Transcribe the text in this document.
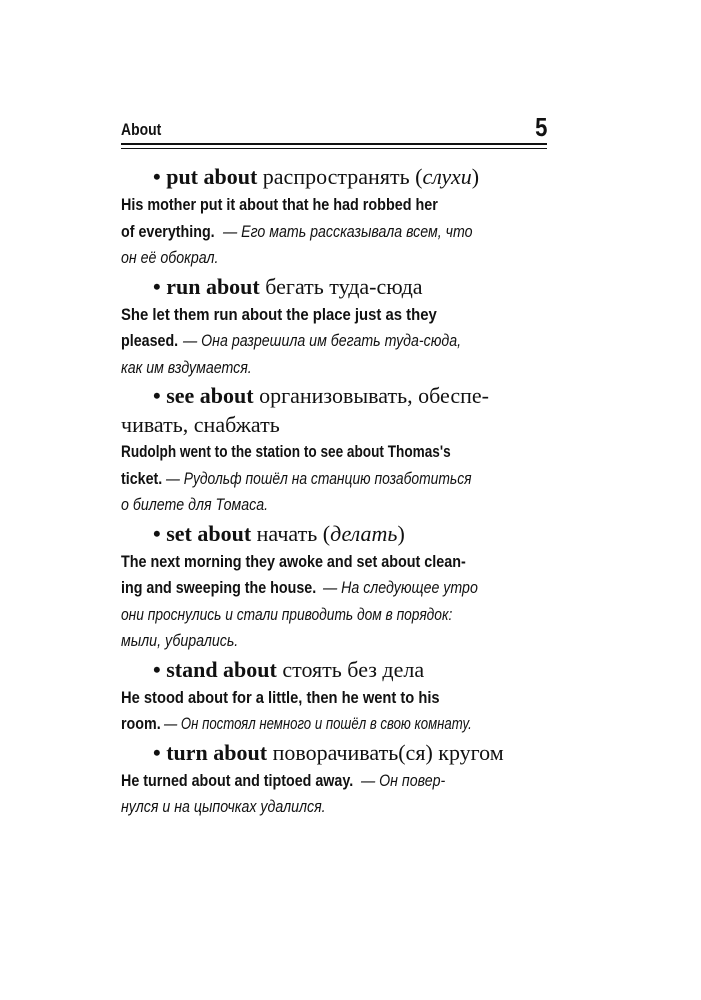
About	5
• put about распространять (слухи)
His mother put it about that he had robbed her
of everything. — Его мать рассказывала всем, что
он её обокрал.
• run about бегать туда-сюда
She let them run about the place just as they
pleased. — Она разрешила им бегать туда-сюда,
как им вздумается.
• see about организовывать, обеспе-
чивать, снабжать
Rudolph went to the station to see about Thomas's
ticket. — Рудольф пошёл на станцию позаботиться
о билете для Томаса.
• set about начать (делать)
The next morning they awoke and set about clean-
ing and sweeping the house. — На следующее утро
они проснулись и стали приводить дом в порядок:
мыли, убирались.
• stand about стоять без дела
He stood about for a little, then he went to his
room. — Он постоял немного и пошёл в свою комнату.
• turn about поворачивать(ся) кругом
He turned about and tiptoed away. — Он повер-
нулся и на цыпочках удалился.
